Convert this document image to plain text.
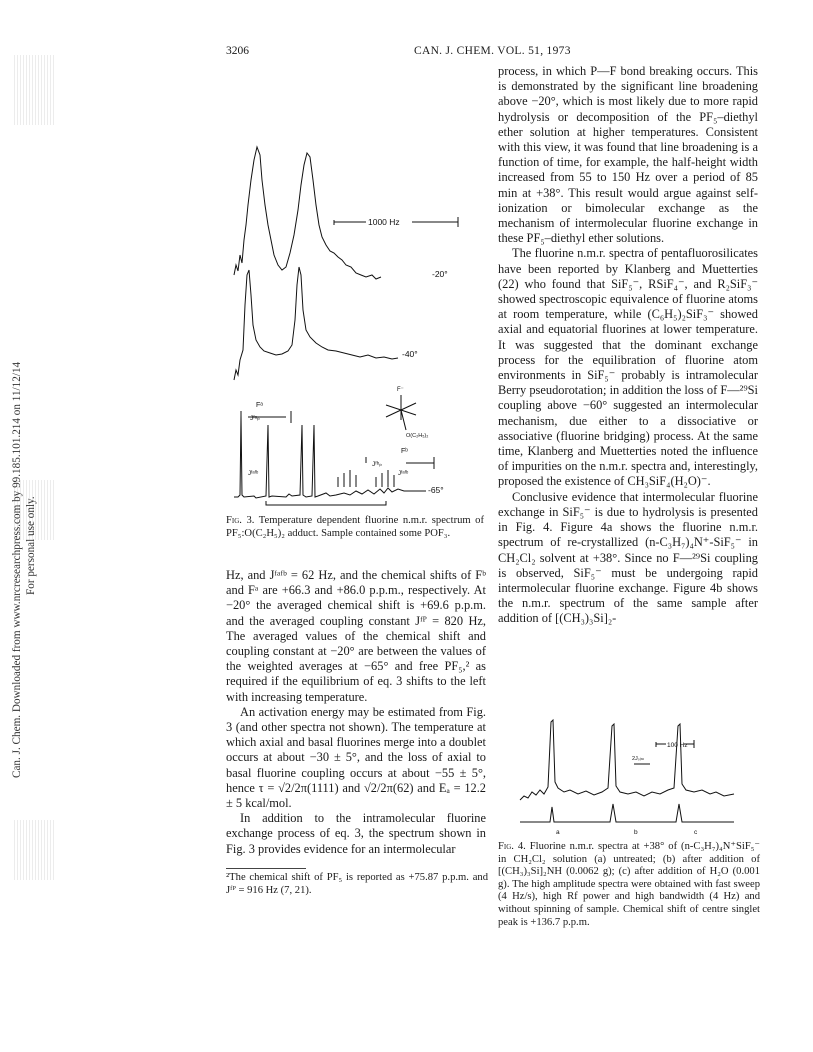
Can. J. Chem. Downloaded from www.nrcresearchpress.com by 99.185.101.214 on 11/12/14 For personal use only.
3206	CAN. J. CHEM. VOL. 51, 1973
1000 Hz
-20°
-40°
-65°
Fᵃ
Jᶠᵃₚ
Jᶠᵇₚ
Fᵇ
Jᶠᵃᶠᵇ	Jᶠᵃᶠᵇ
O(C₂H₅)₂
F⁻
Fig. 3. Temperature dependent fluorine n.m.r. spectrum of PF₅:O(C₂H₅)₂ adduct. Sample contained some POF₃.

Hz, and Jᶠᵃᶠᵇ = 62 Hz, and the chemical shifts of Fᵇ and Fᵃ are +66.3 and +86.0 p.p.m., respectively. At −20° the averaged chemical shift is +69.6 p.p.m. and the averaged coupling constant Jᶠᴾ = 820 Hz, The averaged values of the chemical shift and coupling constant at −20° are between the values of the weighted averages at −65° and free PF₅,² as required if the equilibrium of eq. 3 shifts to the left with increasing temperature.

An activation energy may be estimated from Fig. 3 (and other spectra not shown). The temperature at which axial and basal fluorines merge into a doublet occurs at about −30 ± 5°, and the loss of axial to basal fluorine coupling occurs at about −55 ± 5°, hence τ = √2/2π(1111) and √2/2π(62) and Eₐ = 12.2 ± 5 kcal/mol.

In addition to the intramolecular fluorine exchange process of eq. 3, the spectrum shown in Fig. 3 provides evidence for an intermolecular

²The chemical shift of PF₅ is reported as +75.87 p.p.m. and Jᶠᴾ = 916 Hz (7, 21).

process, in which P—F bond breaking occurs. This is demonstrated by the significant line broadening above −20°, which is most likely due to more rapid hydrolysis or decomposition of the PF₅–diethyl ether solution at higher temperatures. Consistent with this view, it was found that line broadening is a function of time, for example, the half-height width increased from 55 to 150 Hz over a period of 85 min at +38°. This result would argue against self-ionization or bimolecular exchange as the mechanism of intermolecular fluorine exchange in these PF₅–diethyl ether solutions.

The fluorine n.m.r. spectra of pentafluorosilicates have been reported by Klanberg and Muetterties (22) who found that SiF₅⁻, RSiF₄⁻, and R₂SiF₃⁻ showed spectroscopic equivalence of fluorine atoms at room temperature, while (C₆H₅)₂SiF₃⁻ showed axial and equatorial fluorines at lower temperature. It was suggested that the dominant exchange process for the equilibration of fluorine atom environments in SiF₅⁻ probably is intramolecular Berry pseudorotation; in addition the loss of F—²⁹Si coupling above −60° suggested an intermolecular mechanism, due either to a dissociative or associative (fluorine bridging) process. At the same time, Klanberg and Muetterties noted the influence of impurities on the n.m.r. spectra and, interestingly, proposed the existence of CH₃SiF₄(H₂O)⁻.

Conclusive evidence that intermolecular fluorine exchange in SiF₅⁻ is due to hydrolysis is presented in Fig. 4. Figure 4a shows the fluorine n.m.r. spectrum of re-crystallized (n-C₃H₇)₄N⁺-SiF₅⁻ in CH₂Cl₂ solvent at +38°. Since no F—²⁹Si coupling is observed, SiF₅⁻ must be undergoing rapid intermolecular fluorine exchange. Figure 4b shows the n.m.r. spectrum of the same sample after addition of [(CH₃)₃Si]₂-

100 Hz
2Jₛᵢₘ
a	b	c
Fig. 4. Fluorine n.m.r. spectra at +38° of (n-C₃H₇)₄N⁺SiF₅⁻ in CH₂Cl₂ solution (a) untreated; (b) after addition of [(CH₃)₃Si]₂NH (0.0062 g); (c) after addition of H₂O (0.001 g). The high amplitude spectra were obtained with fast sweep (4 Hz/s), high Rf power and high bandwidth (4 Hz) and without spinning of sample. Chemical shift of centre singlet peak is +136.7 p.p.m.
